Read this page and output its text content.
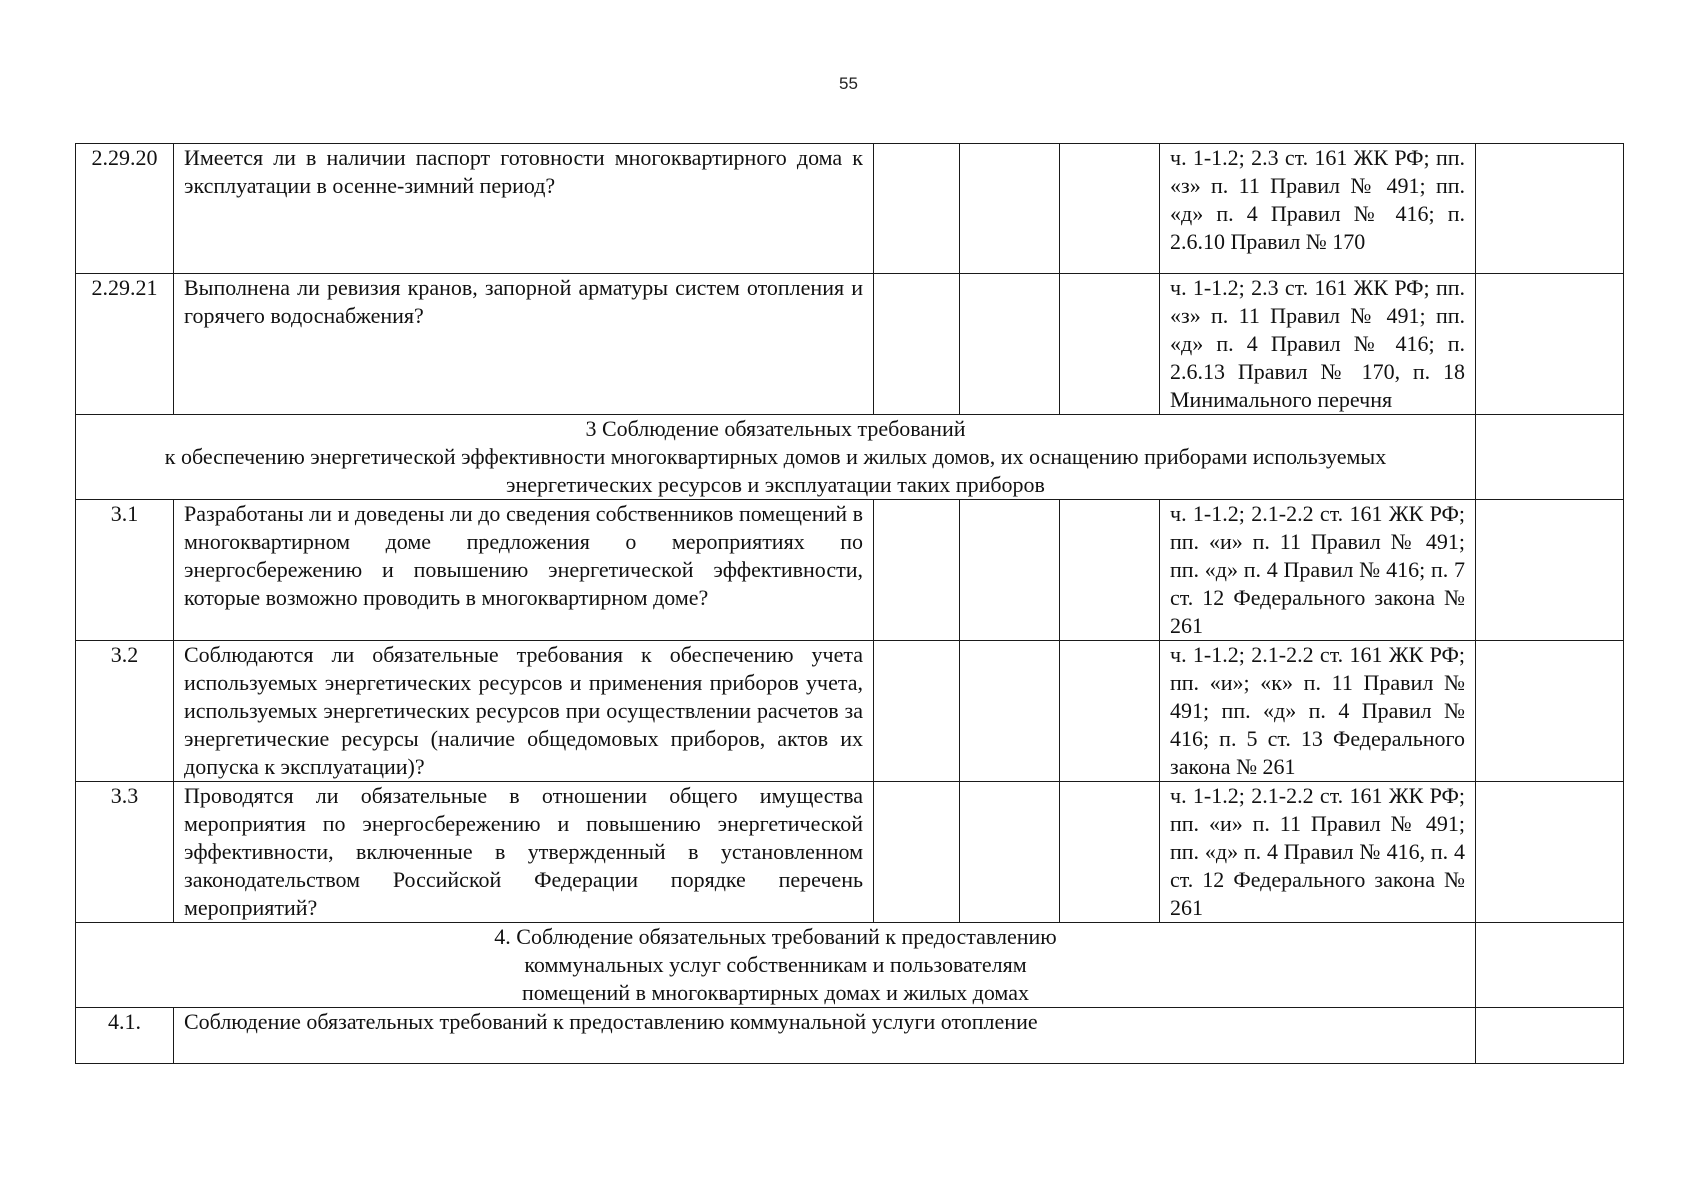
55
2.29.20	Имеется ли в наличии паспорт готовности многоквартирного дома к эксплуатации в осенне-зимний период?				ч. 1-1.2; 2.3 ст. 161 ЖК РФ; пп. «з» п. 11 Правил № 491; пп. «д» п. 4 Правил № 416; п. 2.6.10 Правил № 170	
2.29.21	Выполнена ли ревизия кранов, запорной арматуры систем отопления и горячего водоснабжения?				ч. 1-1.2; 2.3 ст. 161 ЖК РФ; пп. «з» п. 11 Правил № 491; пп. «д» п. 4 Правил № 416; п. 2.6.13 Правил № 170, п. 18 Минимального перечня	

3 Соблюдение обязательных требований
к обеспечению энергетической эффективности многоквартирных домов и жилых домов, их оснащению приборами используемых
энергетических ресурсов и эксплуатации таких приборов						

3.1	Разработаны ли и доведены ли до сведения собственников помещений в многоквартирном доме предложения о мероприятиях по энергосбережению и повышению энергетической эффективности, которые возможно проводить в многоквартирном доме?				ч. 1-1.2; 2.1-2.2 ст. 161 ЖК РФ; пп. «и» п. 11 Правил № 491; пп. «д» п. 4 Правил № 416; п. 7 ст. 12 Федерального закона № 261	
3.2	Соблюдаются ли обязательные требования к обеспечению учета используемых энергетических ресурсов и применения приборов учета, используемых энергетических ресурсов при осуществлении расчетов за энергетические ресурсы (наличие общедомовых приборов, актов их допуска к эксплуатации)?				ч. 1-1.2; 2.1-2.2 ст. 161 ЖК РФ; пп. «и»; «к» п. 11 Правил № 491; пп. «д» п. 4 Правил № 416; п. 5 ст. 13 Федерального закона № 261	
3.3	Проводятся ли обязательные в отношении общего имущества мероприятия по энергосбережению и повышению энергетической эффективности, включенные в утвержденный в установленном законодательством Российской Федерации порядке перечень мероприятий?				ч. 1-1.2; 2.1-2.2 ст. 161 ЖК РФ; пп. «и» п. 11 Правил № 491; пп. «д» п. 4 Правил № 416, п. 4 ст. 12 Федерального закона № 261	

4. Соблюдение обязательных требований к предоставлению
коммунальных услуг собственникам и пользователям
помещений в многоквартирных домах и жилых домах						

4.1.	Соблюдение обязательных требований к предоставлению коммунальной услуги отопление					
